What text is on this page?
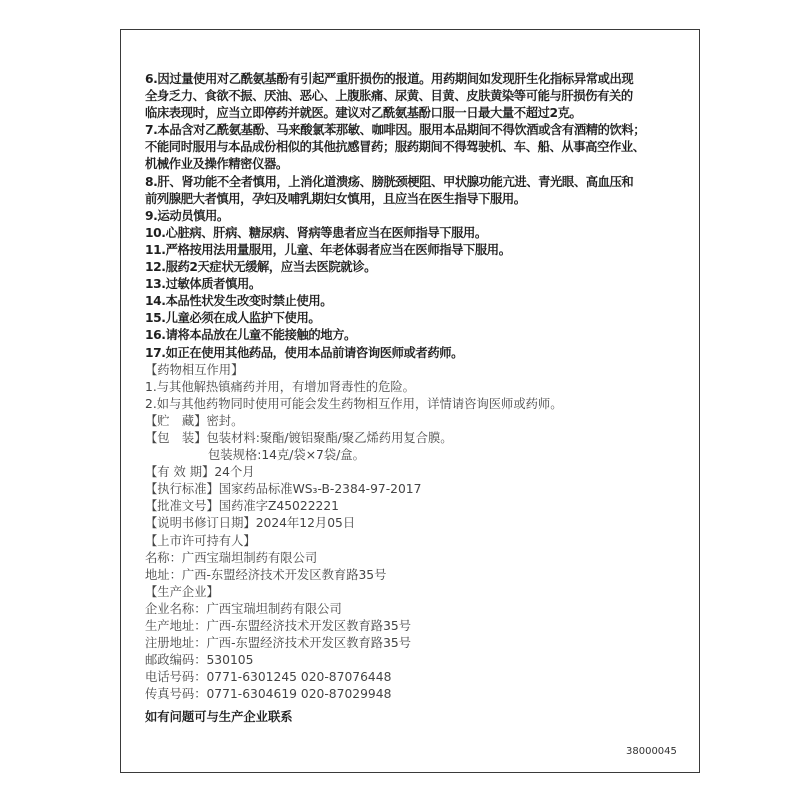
6.因过量使用对乙酰氨基酚有引起严重肝损伤的报道。用药期间如发现肝生化指标异常或出现
全身乏力、食欲不振、厌油、恶心、上腹胀痛、尿黄、目黄、皮肤黄染等可能与肝损伤有关的
临床表现时，应当立即停药并就医。建议对乙酰氨基酚口服一日最大量不超过2克。
7.本品含对乙酰氨基酚、马来酸氯苯那敏、咖啡因。服用本品期间不得饮酒或含有酒精的饮料；
不能同时服用与本品成份相似的其他抗感冒药；服药期间不得驾驶机、车、船、从事高空作业、
机械作业及操作精密仪器。
8.肝、肾功能不全者慎用，上消化道溃疡、膀胱颈梗阻、甲状腺功能亢进、青光眼、高血压和
前列腺肥大者慎用，孕妇及哺乳期妇女慎用，且应当在医生指导下服用。
9.运动员慎用。
10.心脏病、肝病、糖尿病、肾病等患者应当在医师指导下服用。
11.严格按用法用量服用，儿童、年老体弱者应当在医师指导下服用。
12.服药2天症状无缓解，应当去医院就诊。
13.过敏体质者慎用。
14.本品性状发生改变时禁止使用。
15.儿童必须在成人监护下使用。
16.请将本品放在儿童不能接触的地方。
17.如正在使用其他药品，使用本品前请咨询医师或者药师。
【药物相互作用】
1.与其他解热镇痛药并用，有增加肾毒性的危险。
2.如与其他药物同时使用可能会发生药物相互作用，详情请咨询医师或药师。
【贮　藏】密封。
【包　装】包装材料:聚酯/镀铝聚酯/聚乙烯药用复合膜。
包装规格:14克/袋×7袋/盒。
【有 效 期】24个月
【执行标准】国家药品标准WS₃-B-2384-97-2017
【批准文号】国药准字Z45022221
【说明书修订日期】2024年12月05日
【上市许可持有人】
名称：广西宝瑞坦制药有限公司
地址：广西-东盟经济技术开发区教育路35号
【生产企业】
企业名称：广西宝瑞坦制药有限公司
生产地址：广西-东盟经济技术开发区教育路35号
注册地址：广西-东盟经济技术开发区教育路35号
邮政编码：530105
电话号码：0771-6301245 020-87076448
传真号码：0771-6304619 020-87029948
如有问题可与生产企业联系
38000045
